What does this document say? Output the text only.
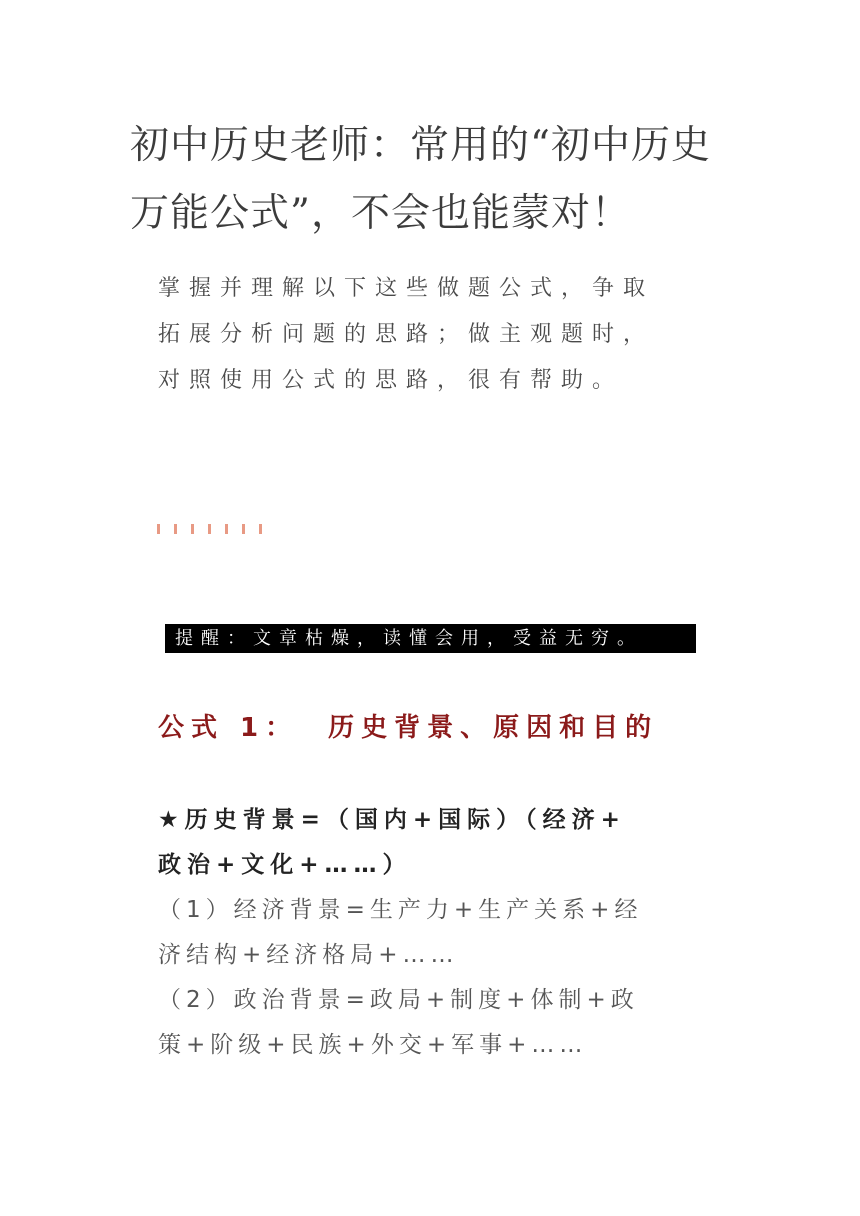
初中历史老师：常用的“初中历史
万能公式”，不会也能蒙对！
掌握并理解以下这些做题公式，争取
拓展分析问题的思路；做主观题时，
对照使用公式的思路，很有帮助。
提醒：文章枯燥，读懂会用，受益无穷。
公式 1： 历史背景、原因和目的
★历史背景=（国内+国际）（经济+
政治+文化+……）
（1）经济背景=生产力+生产关系+经
济结构+经济格局+……
（2）政治背景=政局+制度+体制+政
策+阶级+民族+外交+军事+……
